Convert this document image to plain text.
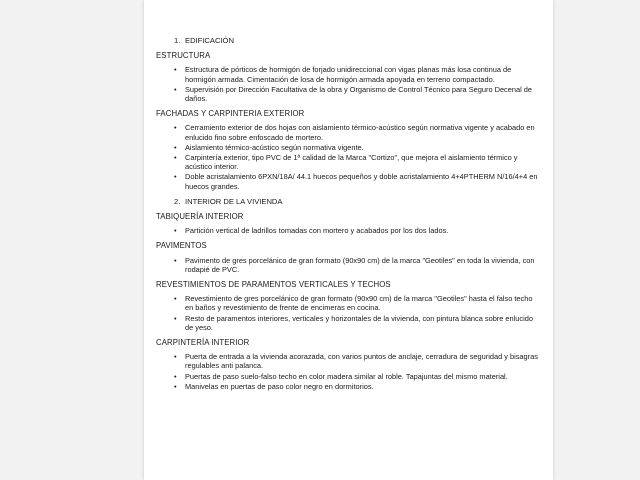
1. EDIFICACIÓN
ESTRUCTURA
• Estructura de pórticos de hormigón de forjado unidireccional con vigas planas más losa continua de hormigón armada. Cimentación de losa de hormigón armada apoyada en terreno compactado.
• Supervisión por Dirección Facultativa de la obra y Organismo de Control Técnico para Seguro Decenal de daños.
FACHADAS Y CARPINTERIA EXTERIOR
• Cerramiento exterior de dos hojas con aislamiento térmico-acústico según normativa vigente y acabado en enlucido fino sobre enfoscado de mortero.
• Aislamiento térmico-acústico según normativa vigente.
• Carpintería exterior, tipo PVC de 1ª calidad de la Marca "Cortizo", que mejora el aislamiento térmico y acústico interior.
• Doble acristalamiento 6PXN/18A/ 44.1 huecos pequeños y doble acristalamiento 4+4PTHERM N/16/4+4 en huecos grandes.
2. INTERIOR DE LA VIVIENDA
TABIQUERÍA INTERIOR
• Partición vertical de ladrillos tomadas con mortero y acabados por los dos lados.
PAVIMENTOS
• Pavimento de gres porcelánico de gran formato (90x90 cm) de la marca "Geotiles" en toda la vivienda, con rodapié de PVC.
REVESTIMIENTOS DE PARAMENTOS VERTICALES Y TECHOS
• Revestimiento de gres porcelánico de gran formato (90x90 cm) de la marca "Geotiles" hasta el falso techo en baños y revestimiento de frente de encimeras en cocina.
• Resto de paramentos interiores, verticales y horizontales de la vivienda, con pintura blanca sobre enlucido de yeso.
CARPINTERÍA INTERIOR
• Puerta de entrada a la vivienda acorazada, con varios puntos de anclaje, cerradura de seguridad y bisagras regulables anti palanca.
• Puertas de paso suelo-falso techo en color madera similar al roble. Tapajuntas del mismo material.
• Manivelas en puertas de paso color negro en dormitorios.
